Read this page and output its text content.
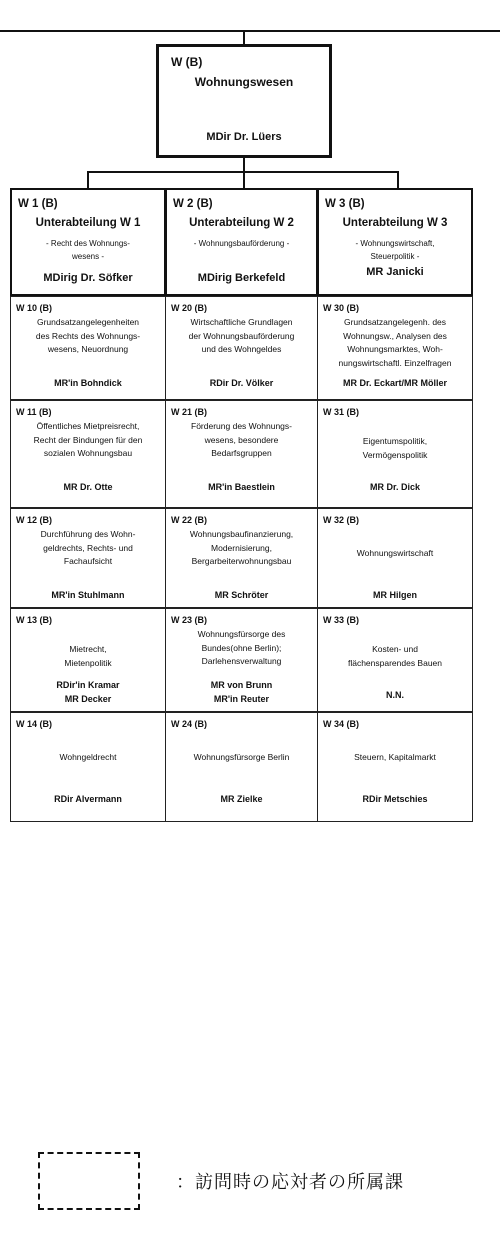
W (B)
Wohnungswesen
MDir Dr. Lüers
W 1 (B)
Unterabteilung W 1
- Recht des Wohnungs-
wesens -
MDirig Dr. Söfker
W 2 (B)
Unterabteilung W 2
- Wohnungsbauförderung -
MDirig Berkefeld
W 3 (B)
Unterabteilung W 3
- Wohnungswirtschaft,
Steuerpolitik -
MR Janicki
W 10 (B)
Grundsatzangelegenheiten
des Rechts des Wohnungs-
wesens, Neuordnung
MR'in Bohndick
W 20 (B)
Wirtschaftliche Grundlagen
der Wohnungsbauförderung
und des Wohngeldes
RDir Dr. Völker
W 30 (B)
Grundsatzangelegenh. des
Wohnungsw., Analysen des
Wohnungsmarktes, Woh-
nungswirtschaftl. Einzelfragen
MR Dr. Eckart/MR Möller
W 11 (B)
Öffentliches Mietpreisrecht,
Recht der Bindungen für den
sozialen Wohnungsbau
MR Dr. Otte
W 21 (B)
Förderung des Wohnungs-
wesens, besondere
Bedarfsgruppen
MR'in Baestlein
W 31 (B)
Eigentumspolitik,
Vermögenspolitik
MR Dr. Dick
W 12 (B)
Durchführung des Wohn-
geldrechts, Rechts- und
Fachaufsicht
MR'in Stuhlmann
W 22 (B)
Wohnungsbaufinanzierung,
Modernisierung,
Bergarbeiterwohnungsbau
MR Schröter
W 32 (B)
Wohnungswirtschaft
MR Hilgen
W 13 (B)
Mietrecht,
Mietenpolitik
RDir'in Kramar
MR Decker
W 23 (B)
Wohnungsfürsorge des
Bundes(ohne Berlin);
Darlehensverwaltung
MR von Brunn
MR'in Reuter
W 33 (B)
Kosten- und
flächensparendes Bauen
N.N.
W 14 (B)
Wohngeldrecht
RDir Alvermann
W 24 (B)
Wohnungsfürsorge Berlin
MR Zielke
W 34 (B)
Steuern, Kapitalmarkt
RDir Metschies
：訪問時の応対者の所属課
